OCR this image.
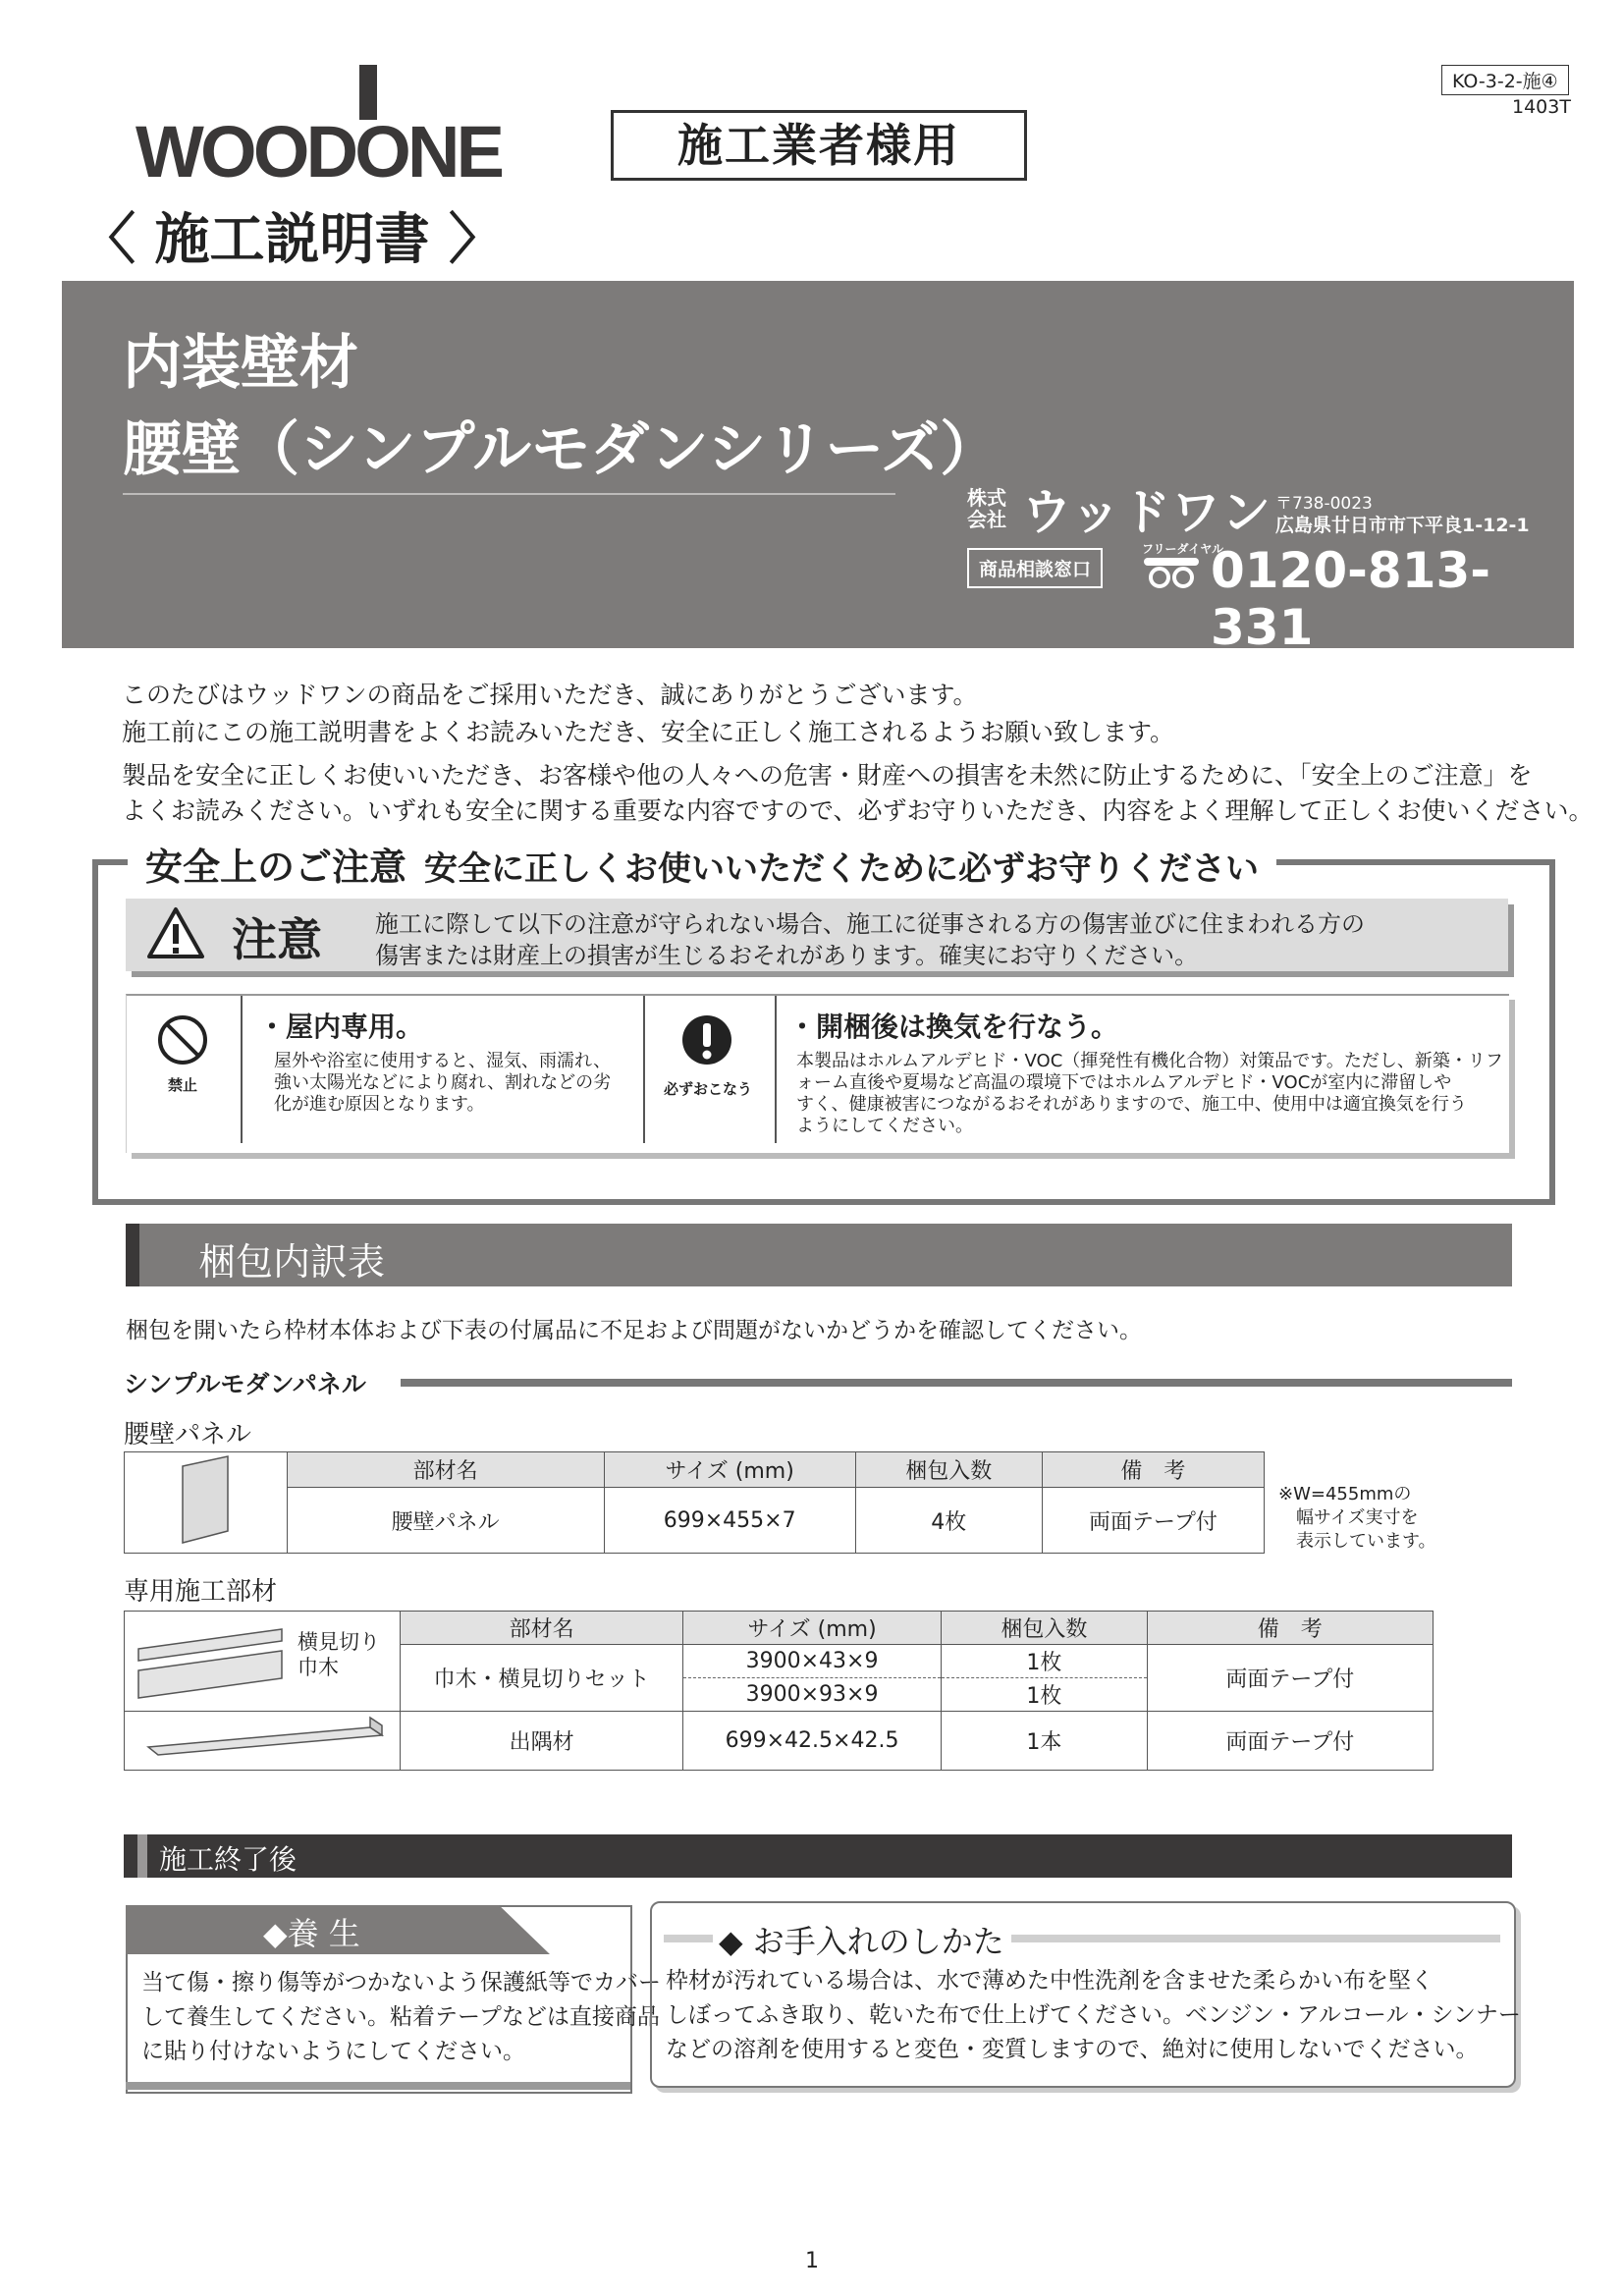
WOODONE
KO-3-2-施④
1403T
施工業者様用
〈 施工説明書 〉
内装壁材
腰壁（シンプルモダンシリーズ）
株式会社 ウッドワン 〒738-0023
広島県廿日市市下平良1-12-1
商品相談窓口
フリーダイヤル
0120-813-331
このたびはウッドワンの商品をご採用いただき、誠にありがとうございます。
施工前にこの施工説明書をよくお読みいただき、安全に正しく施工されるようお願い致します。
製品を安全に正しくお使いいただき、お客様や他の人々への危害・財産への損害を未然に防止するために、「安全上のご注意」を
よくお読みください。いずれも安全に関する重要な内容ですので、必ずお守りいただき、内容をよく理解して正しくお使いください。
安全上のご注意 安全に正しくお使いいただくために必ずお守りください
注意 施工に際して以下の注意が守られない場合、施工に従事される方の傷害並びに住まわれる方の
傷害または財産上の損害が生じるおそれがあります。確実にお守りください。
禁止
・屋内専用。
屋外や浴室に使用すると、湿気、雨濡れ、
強い太陽光などにより腐れ、割れなどの劣
化が進む原因となります。
必ずおこなう
・開梱後は換気を行なう。
本製品はホルムアルデヒド・VOC（揮発性有機化合物）対策品です。ただし、新築・リフ
ォーム直後や夏場など高温の環境下ではホルムアルデヒド・VOCが室内に滞留しや
すく、健康被害につながるおそれがありますので、施工中、使用中は適宜換気を行う
ようにしてください。
梱包内訳表
梱包を開いたら枠材本体および下表の付属品に不足および問題がないかどうかを確認してください。
シンプルモダンパネル
腰壁パネル
	部材名	サイズ (mm)	梱包入数	備　考
	腰壁パネル	699×455×7	4枚	両面テープ付
※W=455mmの
幅サイズ実寸を
表示しています。
専用施工部材
横見切り
巾木	部材名	サイズ (mm)	梱包入数	備　考
	巾木・横見切りセット	3900×43×9	1枚	両面テープ付
		3900×93×9	1枚	
	出隅材	699×42.5×42.5	1本	両面テープ付
施工終了後
◆養 生
当て傷・擦り傷等がつかないよう保護紙等でカバー
して養生してください。粘着テープなどは直接商品
に貼り付けないようにしてください。
◆ お手入れのしかた
枠材が汚れている場合は、水で薄めた中性洗剤を含ませた柔らかい布を堅く
しぼってふき取り、乾いた布で仕上げてください。ベンジン・アルコール・シンナー
などの溶剤を使用すると変色・変質しますので、絶対に使用しないでください。
1
